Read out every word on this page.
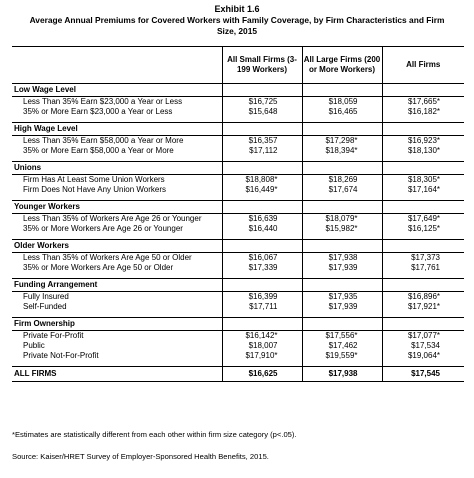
Exhibit 1.6
Average Annual Premiums for Covered Workers with Family Coverage, by Firm Characteristics and Firm Size, 2015
	All Small Firms (3-199 Workers)	All Large Firms (200 or More Workers)	All Firms
Low Wage Level			
Less Than 35% Earn $23,000 a Year or Less	$16,725	$18,059	$17,665*
35% or More Earn $23,000 a Year or Less	$15,648	$16,465	$16,182*

High Wage Level			
Less Than 35% Earn $58,000 a Year or More	$16,357	$17,298*	$16,923*
35% or More Earn $58,000 a Year or More	$17,112	$18,394*	$18,130*

Unions			
Firm Has At Least Some Union Workers	$18,808*	$18,269	$18,305*
Firm Does Not Have Any Union Workers	$16,449*	$17,674	$17,164*

Younger Workers			
Less Than 35% of Workers Are Age 26 or Younger	$16,639	$18,079*	$17,649*
35% or More Workers Are Age 26 or Younger	$16,440	$15,982*	$16,125*

Older Workers			
Less Than 35% of Workers Are Age 50 or Older	$16,067	$17,938	$17,373
35% or More Workers Are Age 50 or Older	$17,339	$17,939	$17,761

Funding Arrangement			
Fully Insured	$16,399	$17,935	$16,896*
Self-Funded	$17,711	$17,939	$17,921*

Firm Ownership			
Private For-Profit	$16,142*	$17,556*	$17,077*
Public	$18,007	$17,462	$17,534
Private Not-For-Profit	$17,910*	$19,559*	$19,064*

ALL FIRMS	$16,625	$17,938	$17,545
*Estimates are statistically different from each other within firm size category (p<.05).
Source: Kaiser/HRET Survey of Employer-Sponsored Health Benefits, 2015.
